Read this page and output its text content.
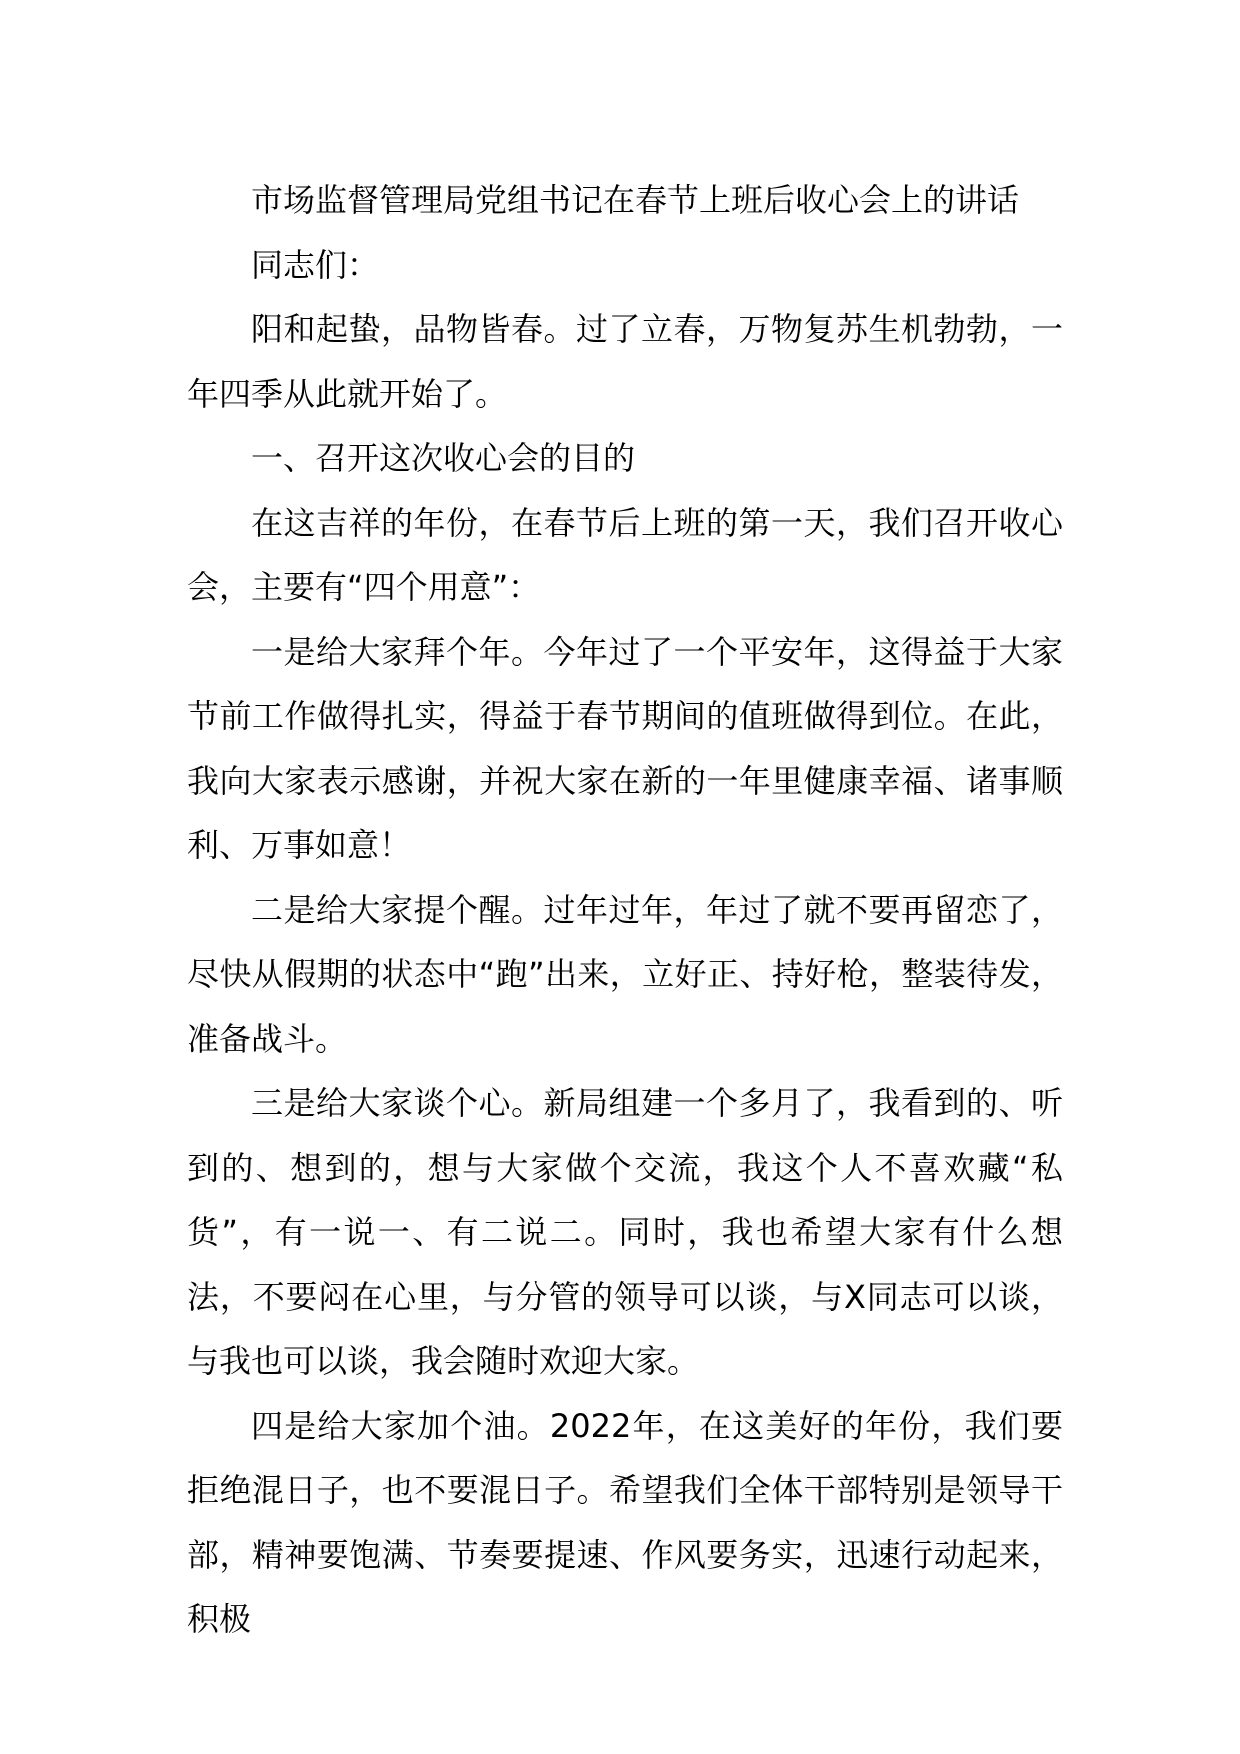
市场监督管理局党组书记在春节上班后收心会上的讲话

同志们：

阳和起蛰，品物皆春。过了立春，万物复苏生机勃勃，一年四季从此就开始了。

一、召开这次收心会的目的

在这吉祥的年份，在春节后上班的第一天，我们召开收心会，主要有“四个用意”：

一是给大家拜个年。今年过了一个平安年，这得益于大家节前工作做得扎实，得益于春节期间的值班做得到位。在此，我向大家表示感谢，并祝大家在新的一年里健康幸福、诸事顺利、万事如意！

二是给大家提个醒。过年过年，年过了就不要再留恋了，尽快从假期的状态中“跑”出来，立好正、持好枪，整装待发，准备战斗。

三是给大家谈个心。新局组建一个多月了，我看到的、听到的、想到的，想与大家做个交流，我这个人不喜欢藏“私货”，有一说一、有二说二。同时，我也希望大家有什么想法，不要闷在心里，与分管的领导可以谈，与X同志可以谈，与我也可以谈，我会随时欢迎大家。

四是给大家加个油。2022年，在这美好的年份，我们要拒绝混日子，也不要混日子。希望我们全体干部特别是领导干部，精神要饱满、节奏要提速、作风要务实，迅速行动起来，积极
